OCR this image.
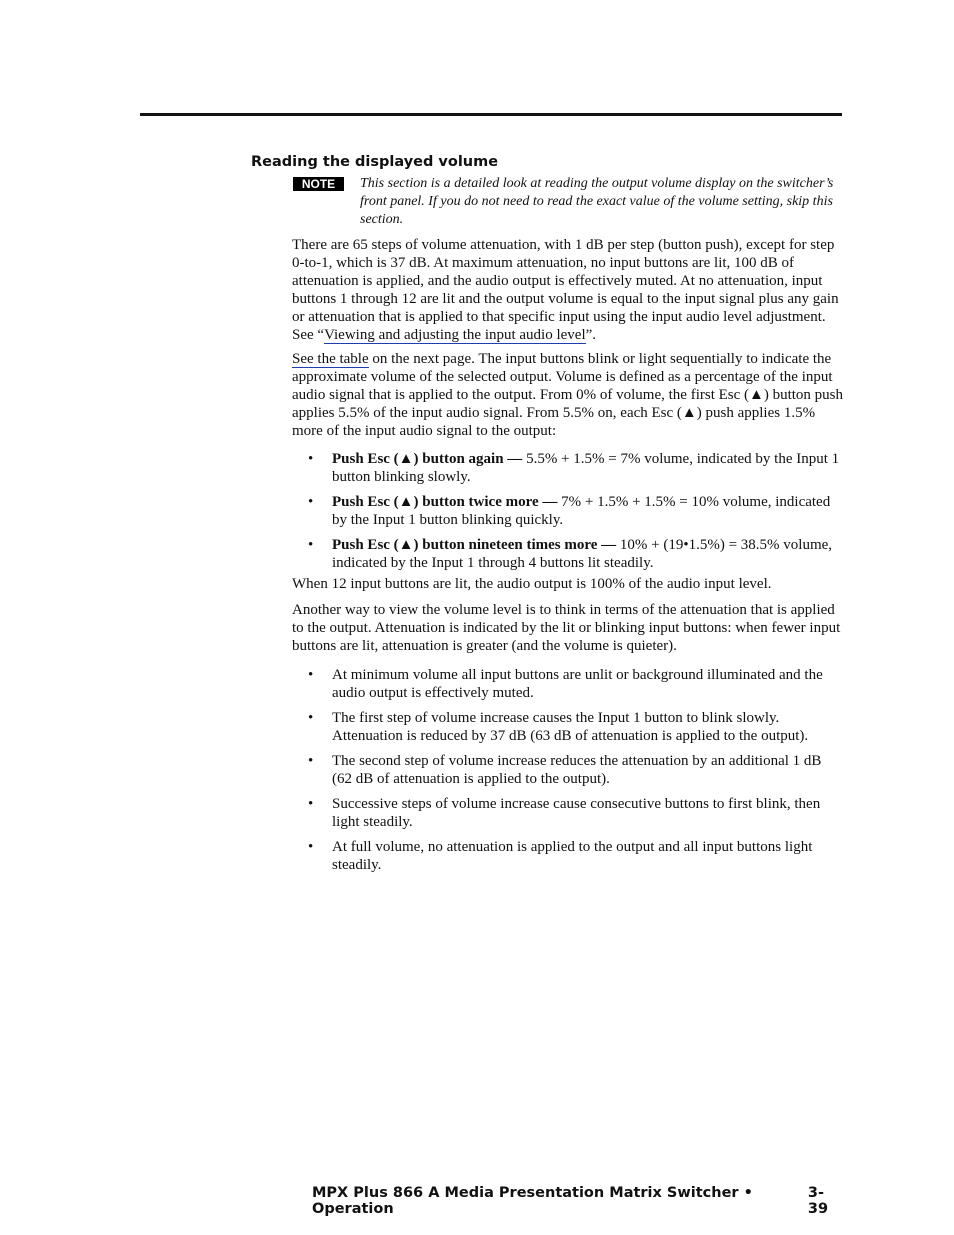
Reading the displayed volume
NOTE	This section is a detailed look at reading the output volume display on the switcher’s front panel. If you do not need to read the exact value of the volume setting, skip this section.

There are 65 steps of volume attenuation, with 1 dB per step (button push), except for step 0-to-1, which is 37 dB. At maximum attenuation, no input buttons are lit, 100 dB of attenuation is applied, and the audio output is effectively muted. At no attenuation, input buttons 1 through 12 are lit and the output volume is equal to the input signal plus any gain or attenuation that is applied to that specific input using the input audio level adjustment. See “Viewing and adjusting the input audio level”.

See the table on the next page. The input buttons blink or light sequentially to indicate the approximate volume of the selected output. Volume is defined as a percentage of the input audio signal that is applied to the output. From 0% of volume, the first Esc (▲) button push applies 5.5% of the input audio signal. From 5.5% on, each Esc (▲) push applies 1.5% more of the input audio signal to the output:

• Push Esc (▲) button again — 5.5% + 1.5% = 7% volume, indicated by the Input 1 button blinking slowly.
• Push Esc (▲) button twice more — 7% + 1.5% + 1.5% = 10% volume, indicated by the Input 1 button blinking quickly.
• Push Esc (▲) button nineteen times more — 10% + (19•1.5%) = 38.5% volume, indicated by the Input 1 through 4 buttons lit steadily.
When 12 input buttons are lit, the audio output is 100% of the audio input level.
Another way to view the volume level is to think in terms of the attenuation that is applied to the output. Attenuation is indicated by the lit or blinking input buttons: when fewer input buttons are lit, attenuation is greater (and the volume is quieter).
• At minimum volume all input buttons are unlit or background illuminated and the audio output is effectively muted.
• The first step of volume increase causes the Input 1 button to blink slowly. Attenuation is reduced by 37 dB (63 dB of attenuation is applied to the output).
• The second step of volume increase reduces the attenuation by an additional 1 dB (62 dB of attenuation is applied to the output).
• Successive steps of volume increase cause consecutive buttons to first blink, then light steadily.
• At full volume, no attenuation is applied to the output and all input buttons light steadily.
MPX Plus 866 A Media Presentation Matrix Switcher • Operation
3-39
